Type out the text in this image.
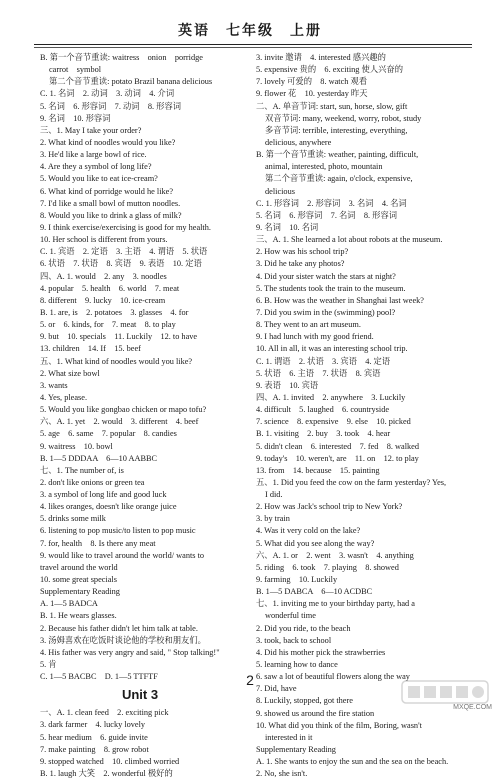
英语　七年级　上册
B. 第一个音节重读: waitress　onion　porridge
carrot　symbol
第二个音节重读: potato Brazil banana delicious
C. 1. 名词　2. 动词　3. 动词　4. 介词
5. 名词　6. 形容词　7. 动词　8. 形容词
9. 名词　10. 形容词
三、1. May I take your order?
2. What kind of noodles would you like?
3. He'd like a large bowl of rice.
4. Are they a symbol of long life?
5. Would you like to eat ice-cream?
6. What kind of porridge would he like?
7. I'd like a small bowl of mutton noodles.
8. Would you like to drink a glass of milk?
9. I think exercise/exercising is good for my health.
10. Her school is different from yours.
C. 1. 宾语　2. 定语　3. 主语　4. 谓语　5. 状语
6. 状语　7. 状语　8. 宾语　9. 表语　10. 定语
四、A. 1. would　2. any　3. noodles
4. popular　5. health　6. world　7. meat
8. different　9. lucky　10. ice-cream
B. 1. are, is　2. potatoes　3. glasses　4. for
5. or　6. kinds, for　7. meat　8. to play
9. but　10. specials　11. Luckily　12. to have
13. children　14. If　15. beef
五、1. What kind of noodles would you like?
2. What size bowl
3. wants
4. Yes, please.
5. Would you like gongbao chicken or mapo tofu?
六、A. 1. yet　2. would　3. different　4. beef
5. age　6. same　7. popular　8. candies
9. waitress　10. bowl
B. 1—5 DDDAA　6—10 AABBC
七、1. The number of, is
2. don't like onions or green tea
3. a symbol of long life and good luck
4. likes oranges, doesn't like orange juice
5. drinks some milk
6. listening to pop music/to listen to pop music
7. for, health　8. Is there any meat
9. would like to travel around the world/ wants to
travel around the world
10. some great specials
Supplementary Reading
A. 1—5 BADCA
B. 1. He wears glasses.
2. Because his father didn't let him talk at table.
3. 汤姆喜欢在吃饭时谈论他的学校和朋友们。
4. His father was very angry and said, " Stop talking!"
5. 肯
C. 1—5 BACBC　D. 1—5 TTFTF
Unit 3
一、A. 1. clean feed　2. exciting pick
3. dark farmer　4. lucky lovely
5. hear medium　6. guide invite
7. make painting　8. grow robot
9. stopped watched　10. climbed worried
B. 1. laugh 大笑　2. wonderful 极好的
3. invite 邀请　4. interested 感兴趣的
5. expensive 贵的　6. exciting 使人兴奋的
7. lovely 可爱的　8. watch 观看
9. flower 花　10. yesterday 昨天
二、A. 单音节词: start, sun, horse, slow, gift
双音节词: many, weekend, worry, robot, study
多音节词: terrible, interesting, everything,
delicious, anywhere
B. 第一个音节重读: weather, painting, difficult,
animal, interested, photo, mountain
第二个音节重读: again, o'clock, expensive,
delicious
C. 1. 形容词　2. 形容词　3. 名词　4. 名词
5. 名词　6. 形容词　7. 名词　8. 形容词
9. 名词　10. 名词
三、A. 1. She learned a lot about robots at the museum.
2. How was his school trip?
3. Did he take any photos?
4. Did your sister watch the stars at night?
5. The students took the train to the museum.
6. B. How was the weather in Shanghai last week?
7. Did you swim in the (swimming) pool?
8. They went to an art museum.
9. I had lunch with my good friend.
10. All in all, it was an interesting school trip.
C. 1. 谓语　2. 状语　3. 宾语　4. 定语
5. 状语　6. 主语　7. 状语　8. 宾语
9. 表语　10. 宾语
四、A. 1. invited　2. anywhere　3. Luckily
4. difficult　5. laughed　6. countryside
7. science　8. expensive　9. else　10. picked
B. 1. visiting　2. buy　3. took　4. hear
5. didn't clean　6. interested　7. fed　8. walked
9. today's　10. weren't, are　11. on　12. to play
13. from　14. because　15. painting
五、1. Did you feed the cow on the farm yesterday? Yes,
I did.
2. How was Jack's school trip to New York?
3. by train
4. Was it very cold on the lake?
5. What did you see along the way?
六、A. 1. or　2. went　3. wasn't　4. anything
5. riding　6. took　7. playing　8. showed
9. farming　10. Luckily
B. 1—5 DABCA　6—10 ACDBC
七、1. inviting me to your birthday party, had a
wonderful time
2. Did you ride, to the beach
3. took, back to school
4. Did his mother pick the strawberries
5. learning how to dance
6. saw a lot of beautiful flowers along the way
7. Did, have
8. Luckily, stopped, got there
9. showed us around the fire station
10. What did you think of the film, Boring, wasn't
interested in it
Supplementary Reading
A. 1. She wants to enjoy the sun and the sea on the beach.
2. No, she isn't.
2
MXQE.COM
